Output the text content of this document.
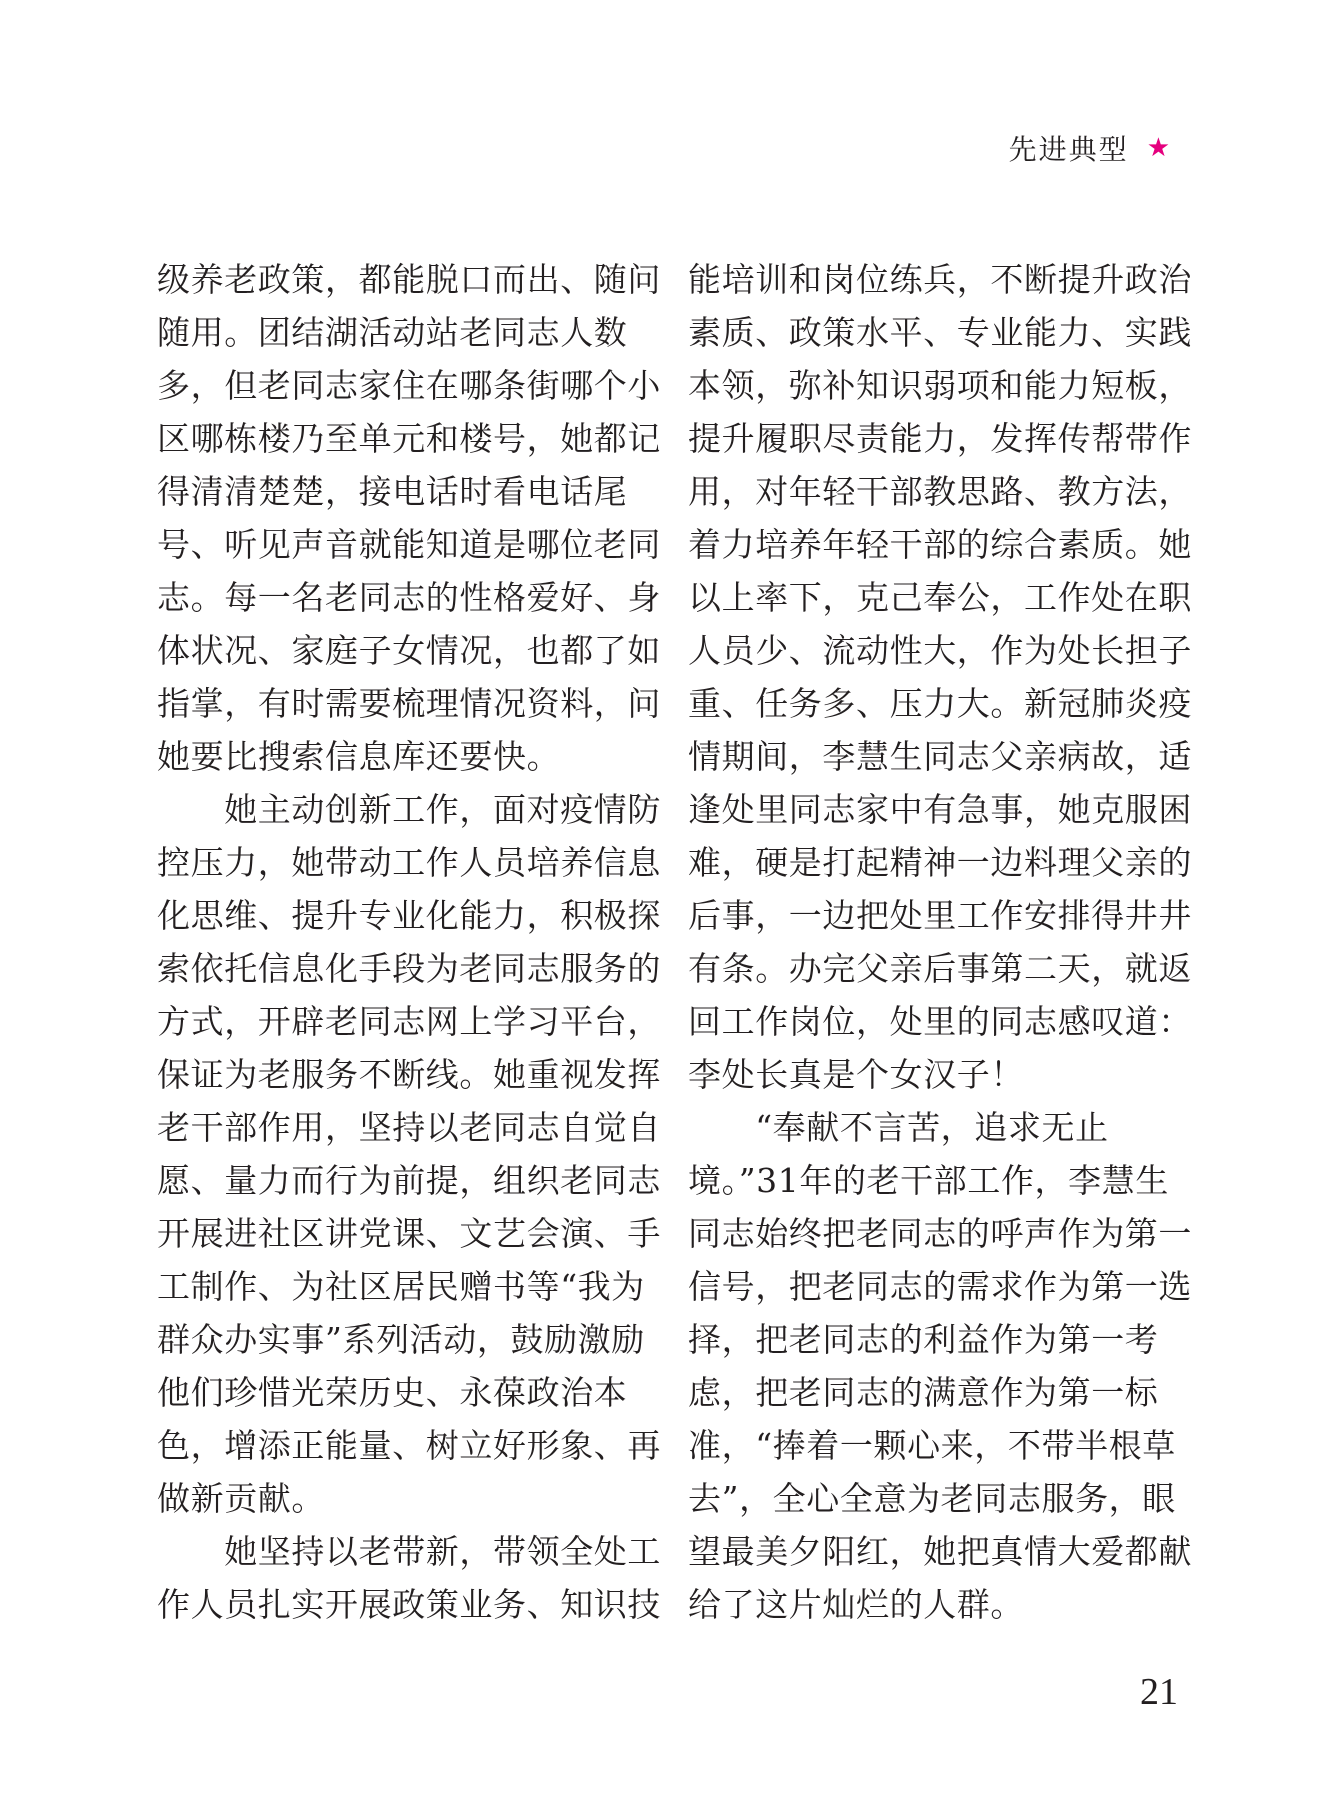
先进典型 ★

级养老政策，都能脱口而出、随问
随用。团结湖活动站老同志人数
多，但老同志家住在哪条街哪个小
区哪栋楼乃至单元和楼号，她都记
得清清楚楚，接电话时看电话尾
号、听见声音就能知道是哪位老同
志。每一名老同志的性格爱好、身
体状况、家庭子女情况，也都了如
指掌，有时需要梳理情况资料，问
她要比搜索信息库还要快。
　　她主动创新工作，面对疫情防
控压力，她带动工作人员培养信息
化思维、提升专业化能力，积极探
索依托信息化手段为老同志服务的
方式，开辟老同志网上学习平台，
保证为老服务不断线。她重视发挥
老干部作用，坚持以老同志自觉自
愿、量力而行为前提，组织老同志
开展进社区讲党课、文艺会演、手
工制作、为社区居民赠书等“我为
群众办实事”系列活动，鼓励激励
他们珍惜光荣历史、永葆政治本
色，增添正能量、树立好形象、再
做新贡献。
　　她坚持以老带新，带领全处工
作人员扎实开展政策业务、知识技

能培训和岗位练兵，不断提升政治
素质、政策水平、专业能力、实践
本领，弥补知识弱项和能力短板，
提升履职尽责能力，发挥传帮带作
用，对年轻干部教思路、教方法，
着力培养年轻干部的综合素质。她
以上率下，克己奉公，工作处在职
人员少、流动性大，作为处长担子
重、任务多、压力大。新冠肺炎疫
情期间，李慧生同志父亲病故，适
逢处里同志家中有急事，她克服困
难，硬是打起精神一边料理父亲的
后事，一边把处里工作安排得井井
有条。办完父亲后事第二天，就返
回工作岗位，处里的同志感叹道：
李处长真是个女汉子！
　　“奉献不言苦，追求无止
境。”31年的老干部工作，李慧生
同志始终把老同志的呼声作为第一
信号，把老同志的需求作为第一选
择，把老同志的利益作为第一考
虑，把老同志的满意作为第一标
准，“捧着一颗心来，不带半根草
去”，全心全意为老同志服务，眼
望最美夕阳红，她把真情大爱都献
给了这片灿烂的人群。

21
